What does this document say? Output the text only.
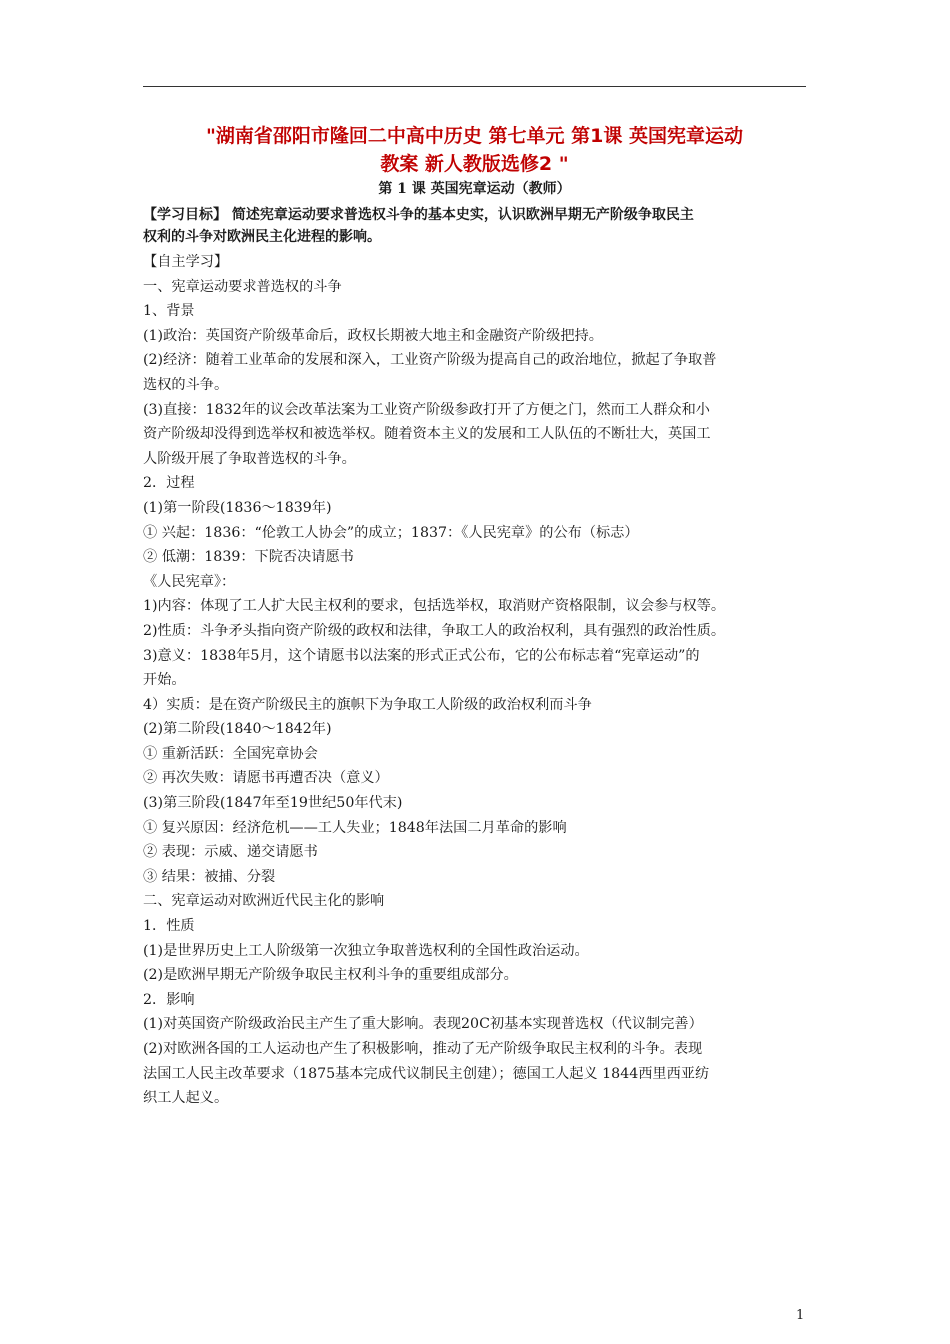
"湖南省邵阳市隆回二中高中历史 第七单元 第1课 英国宪章运动
教案 新人教版选修2 "
第 1 课 英国宪章运动（教师）
【学习目标】 简述宪章运动要求普选权斗争的基本史实，认识欧洲早期无产阶级争取民主
权利的斗争对欧洲民主化进程的影响。
【自主学习】
一、宪章运动要求普选权的斗争
1、背景
(1)政治：英国资产阶级革命后，政权长期被大地主和金融资产阶级把持。
(2)经济：随着工业革命的发展和深入，工业资产阶级为提高自己的政治地位，掀起了争取普
选权的斗争。
(3)直接：1832年的议会改革法案为工业资产阶级参政打开了方便之门，然而工人群众和小
资产阶级却没得到选举权和被选举权。随着资本主义的发展和工人队伍的不断壮大，英国工
人阶级开展了争取普选权的斗争。
2．过程
(1)第一阶段(1836～1839年)
① 兴起：1836：“伦敦工人协会”的成立；1837：《人民宪章》的公布（标志）
② 低潮：1839：下院否决请愿书
《人民宪章》：
1)内容：体现了工人扩大民主权利的要求，包括选举权，取消财产资格限制，议会参与权等。
2)性质：斗争矛头指向资产阶级的政权和法律，争取工人的政治权利，具有强烈的政治性质。
3)意义：1838年5月，这个请愿书以法案的形式正式公布，它的公布标志着“宪章运动”的
开始。
4）实质：是在资产阶级民主的旗帜下为争取工人阶级的政治权利而斗争
(2)第二阶段(1840～1842年)
① 重新活跃：全国宪章协会
② 再次失败：请愿书再遭否决（意义）
(3)第三阶段(1847年至19世纪50年代末)
① 复兴原因：经济危机——工人失业；1848年法国二月革命的影响
② 表现：示威、递交请愿书
③ 结果：被捕、分裂
二、宪章运动对欧洲近代民主化的影响
1．性质
(1)是世界历史上工人阶级第一次独立争取普选权利的全国性政治运动。
(2)是欧洲早期无产阶级争取民主权利斗争的重要组成部分。
2．影响
(1)对英国资产阶级政治民主产生了重大影响。表现20C初基本实现普选权（代议制完善）
(2)对欧洲各国的工人运动也产生了积极影响，推动了无产阶级争取民主权利的斗争。表现
法国工人民主改革要求（1875基本完成代议制民主创建）；德国工人起义 1844西里西亚纺
织工人起义。
1
